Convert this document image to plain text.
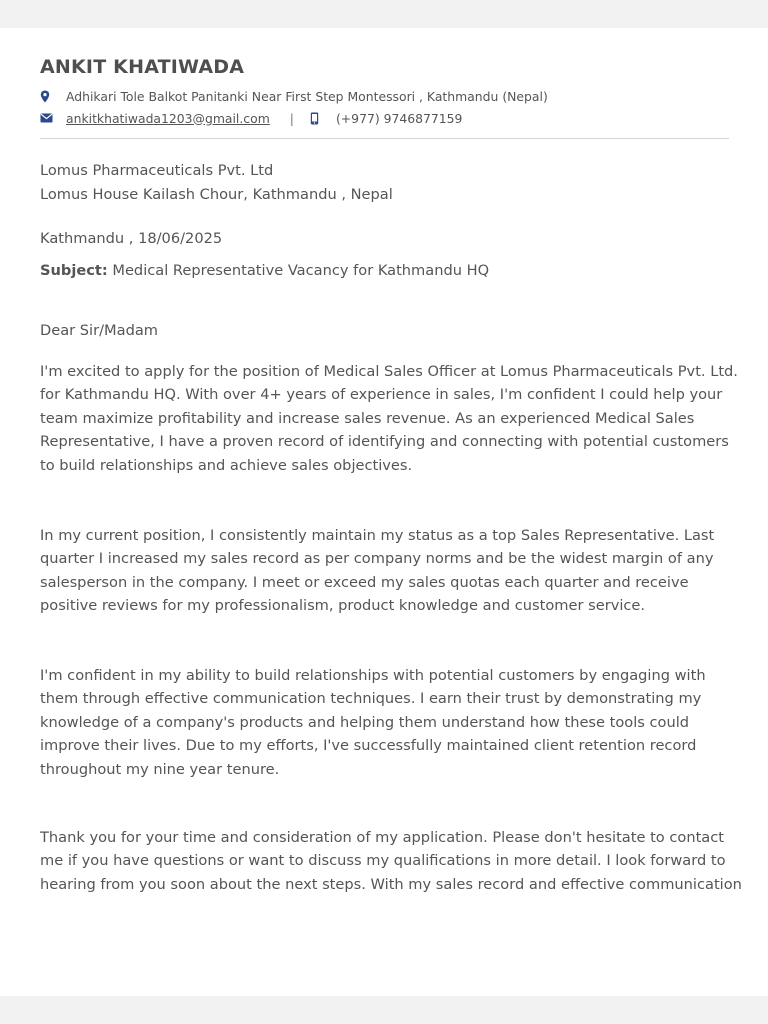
ANKIT KHATIWADA
Adhikari Tole Balkot Panitanki Near First Step Montessori , Kathmandu (Nepal)
ankitkhatiwada1203@gmail.com |	(+977) 9746877159
Lomus Pharmaceuticals Pvt. Ltd
Lomus House Kailash Chour, Kathmandu , Nepal
Kathmandu , 18/06/2025
Subject: Medical Representative Vacancy for Kathmandu HQ
Dear Sir/Madam
I'm excited to apply for the position of Medical Sales Officer at Lomus Pharmaceuticals Pvt. Ltd.
for Kathmandu HQ. With over 4+ years of experience in sales, I'm confident I could help your
team maximize profitability and increase sales revenue. As an experienced Medical Sales
Representative, I have a proven record of identifying and connecting with potential customers
to build relationships and achieve sales objectives.
In my current position, I consistently maintain my status as a top Sales Representative. Last
quarter I increased my sales record as per company norms and be the widest margin of any
salesperson in the company. I meet or exceed my sales quotas each quarter and receive
positive reviews for my professionalism, product knowledge and customer service.
I'm confident in my ability to build relationships with potential customers by engaging with
them through effective communication techniques. I earn their trust by demonstrating my
knowledge of a company's products and helping them understand how these tools could
improve their lives. Due to my efforts, I've successfully maintained client retention record
throughout my nine year tenure.
Thank you for your time and consideration of my application. Please don't hesitate to contact
me if you have questions or want to discuss my qualifications in more detail. I look forward to
hearing from you soon about the next steps. With my sales record and effective communication
